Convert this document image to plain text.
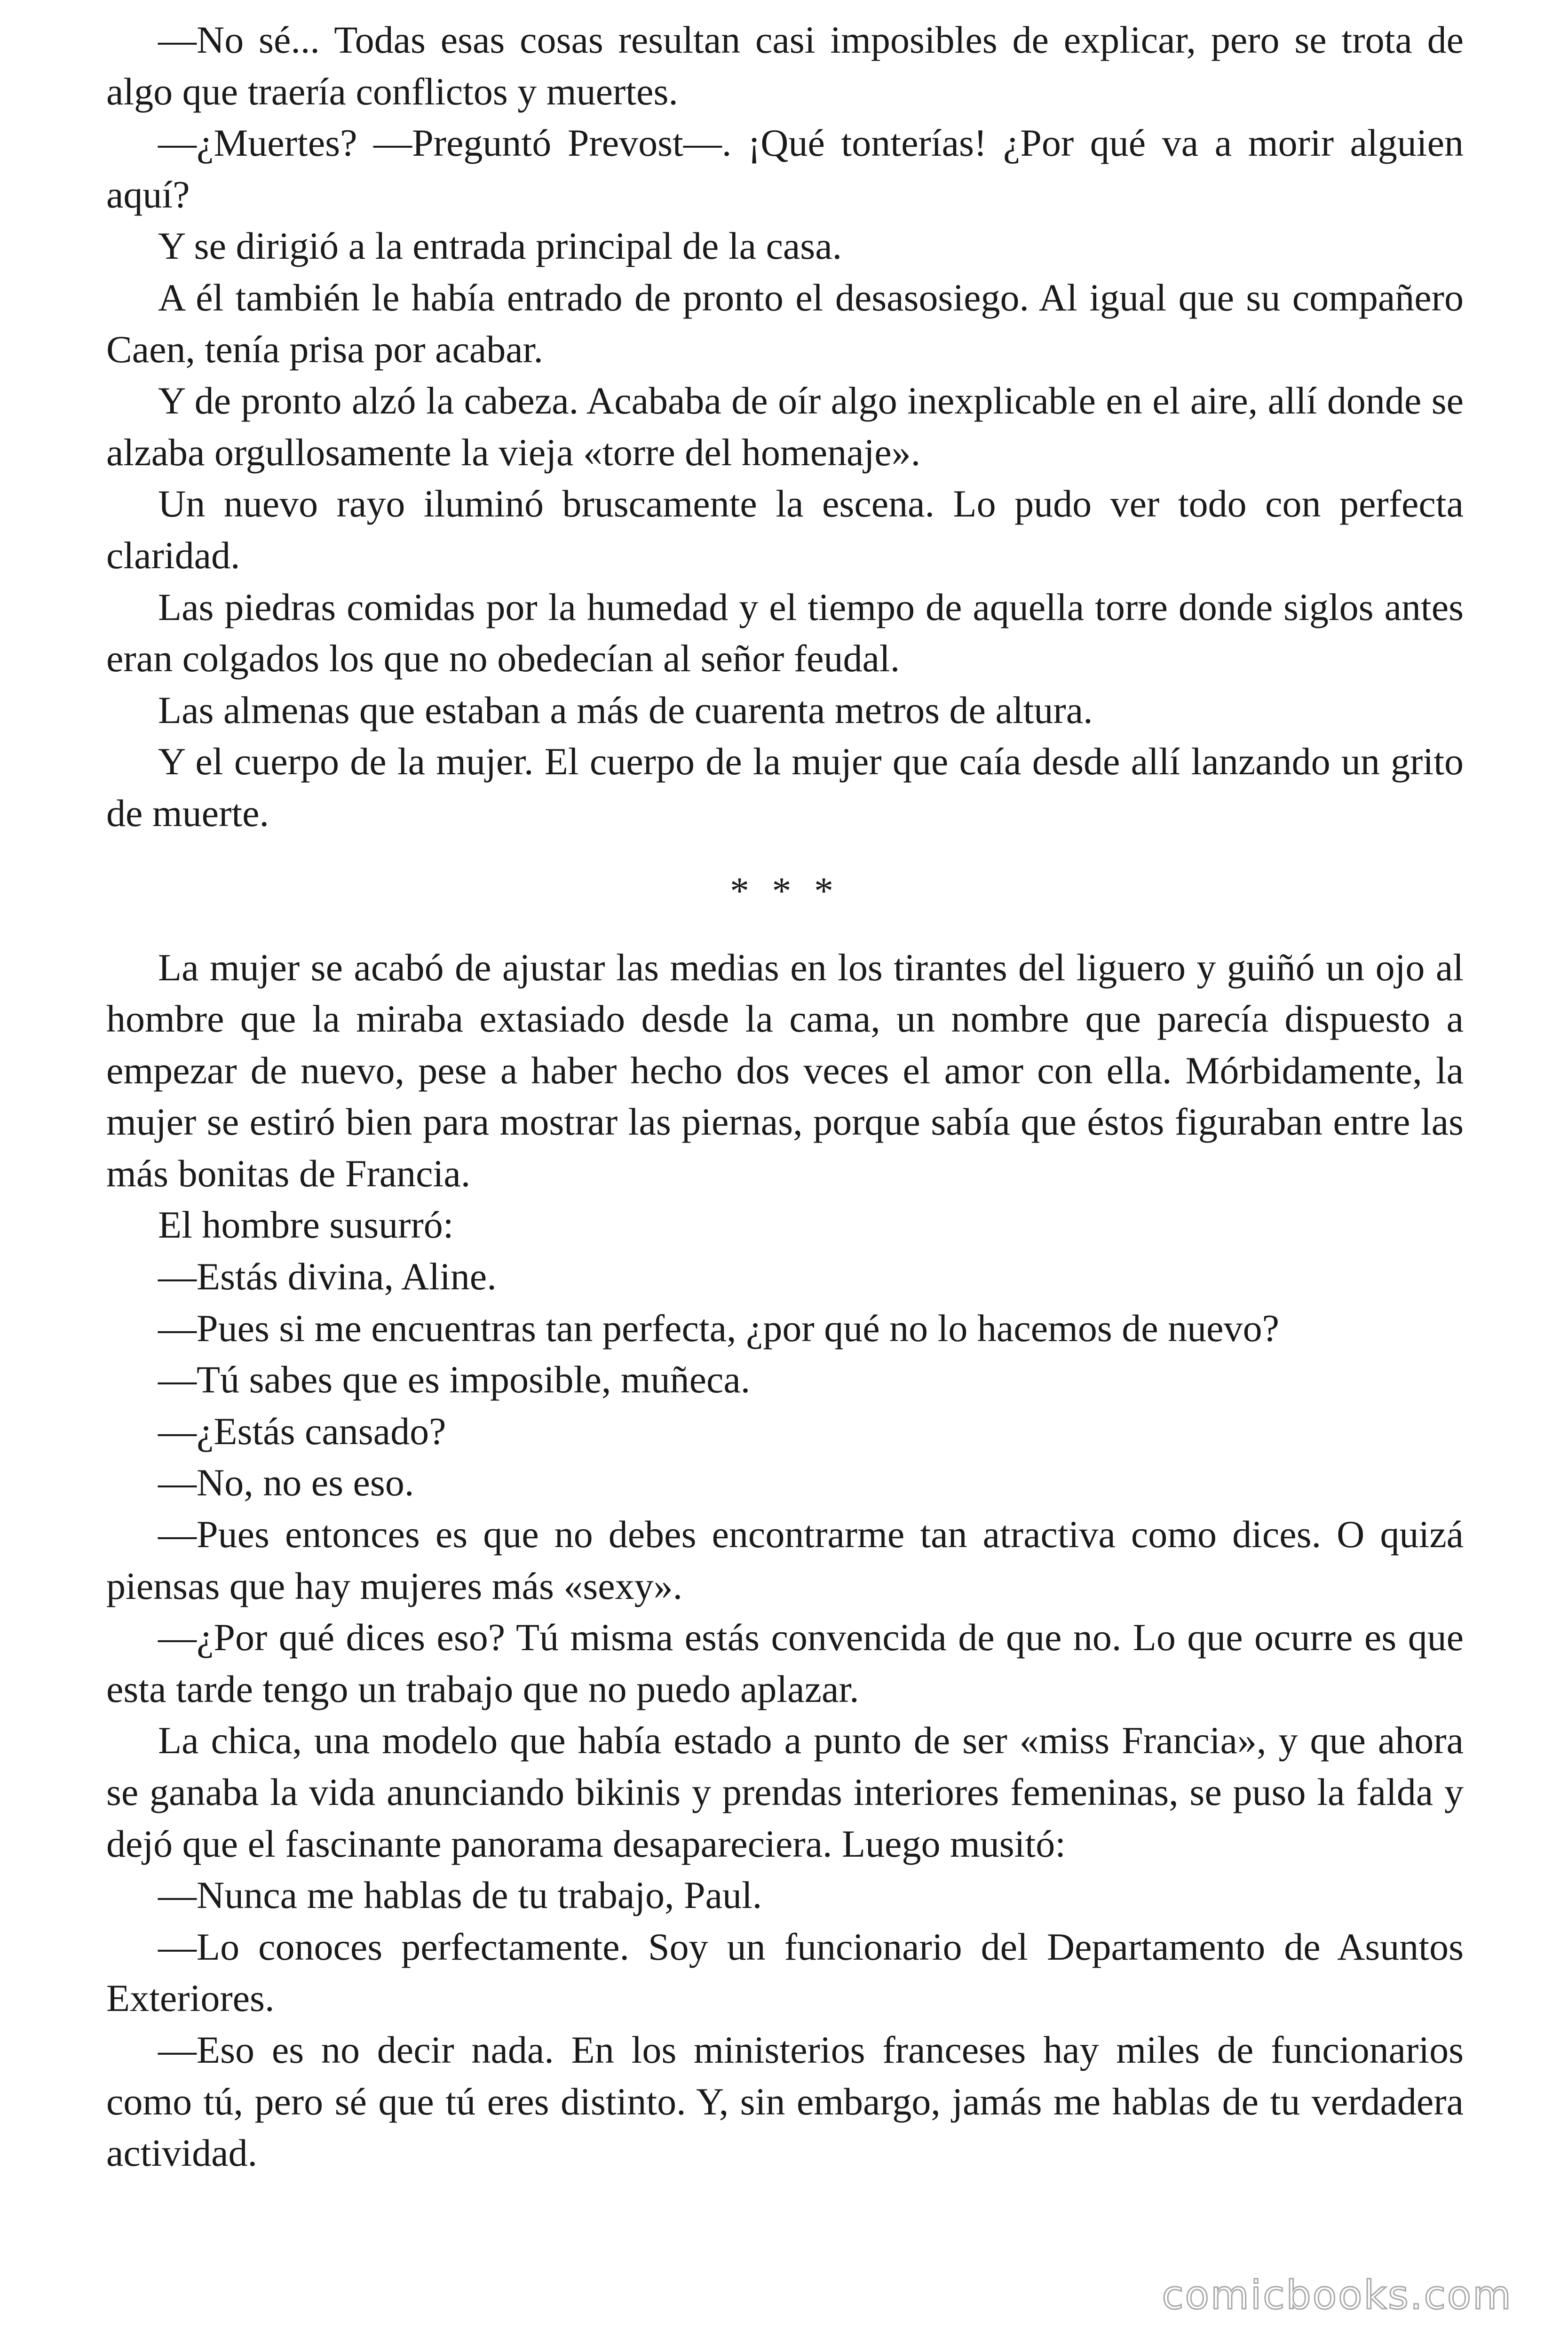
—No sé... Todas esas cosas resultan casi imposibles de explicar, pero se trota de algo que traería conflictos y muertes.

—¿Muertes? —Preguntó Prevost—. ¡Qué tonterías! ¿Por qué va a morir alguien aquí?

Y se dirigió a la entrada principal de la casa.

A él también le había entrado de pronto el desasosiego. Al igual que su compañero Caen, tenía prisa por acabar.

Y de pronto alzó la cabeza. Acababa de oír algo inexplicable en el aire, allí donde se alzaba orgullosamente la vieja «torre del homenaje».

Un nuevo rayo iluminó bruscamente la escena. Lo pudo ver todo con perfecta claridad.

Las piedras comidas por la humedad y el tiempo de aquella torre donde siglos antes eran colgados los que no obedecían al señor feudal.

Las almenas que estaban a más de cuarenta metros de altura.

Y el cuerpo de la mujer. El cuerpo de la mujer que caía desde allí lanzando un grito de muerte.

* * *

La mujer se acabó de ajustar las medias en los tirantes del liguero y guiñó un ojo al hombre que la miraba extasiado desde la cama, un nombre que parecía dispuesto a empezar de nuevo, pese a haber hecho dos veces el amor con ella. Mórbidamente, la mujer se estiró bien para mostrar las piernas, porque sabía que éstos figuraban entre las más bonitas de Francia.

El hombre susurró:

—Estás divina, Aline.

—Pues si me encuentras tan perfecta, ¿por qué no lo hacemos de nuevo?

—Tú sabes que es imposible, muñeca.

—¿Estás cansado?

—No, no es eso.

—Pues entonces es que no debes encontrarme tan atractiva como dices. O quizá piensas que hay mujeres más «sexy».

—¿Por qué dices eso? Tú misma estás convencida de que no. Lo que ocurre es que esta tarde tengo un trabajo que no puedo aplazar.

La chica, una modelo que había estado a punto de ser «miss Francia», y que ahora se ganaba la vida anunciando bikinis y prendas interiores femeninas, se puso la falda y dejó que el fascinante panorama desapareciera. Luego musitó:

—Nunca me hablas de tu trabajo, Paul.

—Lo conoces perfectamente. Soy un funcionario del Departamento de Asuntos Exteriores.

—Eso es no decir nada. En los ministerios franceses hay miles de funcionarios como tú, pero sé que tú eres distinto. Y, sin embargo, jamás me hablas de tu verdadera actividad.

comicbooks.com
